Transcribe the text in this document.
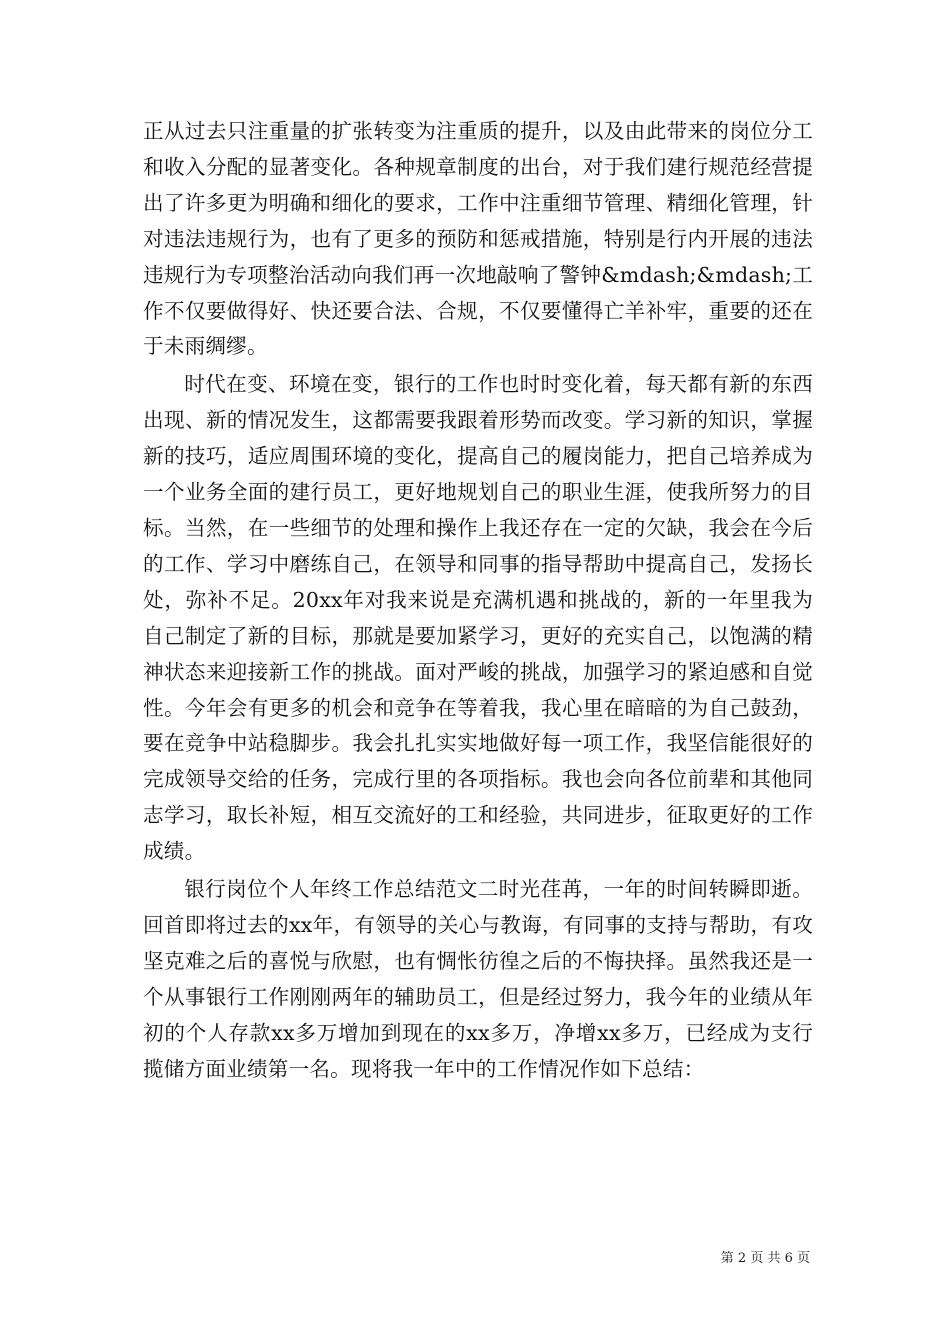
正从过去只注重量的扩张转变为注重质的提升，以及由此带来的岗位分工和收入分配的显著变化。各种规章制度的出台，对于我们建行规范经营提出了许多更为明确和细化的要求，工作中注重细节管理、精细化管理，针对违法违规行为，也有了更多的预防和惩戒措施，特别是行内开展的违法违规行为专项整治活动向我们再一次地敲响了警钟&mdash;&mdash;工作不仅要做得好、快还要合法、合规，不仅要懂得亡羊补牢，重要的还在于未雨绸缪。

时代在变、环境在变，银行的工作也时时变化着，每天都有新的东西出现、新的情况发生，这都需要我跟着形势而改变。学习新的知识，掌握新的技巧，适应周围环境的变化，提高自己的履岗能力，把自己培养成为一个业务全面的建行员工，更好地规划自己的职业生涯，使我所努力的目标。当然，在一些细节的处理和操作上我还存在一定的欠缺，我会在今后的工作、学习中磨练自己，在领导和同事的指导帮助中提高自己，发扬长处，弥补不足。20xx年对我来说是充满机遇和挑战的，新的一年里我为自己制定了新的目标，那就是要加紧学习，更好的充实自己，以饱满的精神状态来迎接新工作的挑战。面对严峻的挑战，加强学习的紧迫感和自觉性。今年会有更多的机会和竞争在等着我，我心里在暗暗的为自己鼓劲，要在竞争中站稳脚步。我会扎扎实实地做好每一项工作，我坚信能很好的完成领导交给的任务，完成行里的各项指标。我也会向各位前辈和其他同志学习，取长补短，相互交流好的工和经验，共同进步，征取更好的工作成绩。

银行岗位个人年终工作总结范文二时光荏苒，一年的时间转瞬即逝。回首即将过去的xx年，有领导的关心与教诲，有同事的支持与帮助，有攻坚克难之后的喜悦与欣慰，也有惆怅彷徨之后的不悔抉择。虽然我还是一个从事银行工作刚刚两年的辅助员工，但是经过努力，我今年的业绩从年初的个人存款xx多万增加到现在的xx多万，净增xx多万，已经成为支行揽储方面业绩第一名。现将我一年中的工作情况作如下总结：

第 2 页 共 6 页
